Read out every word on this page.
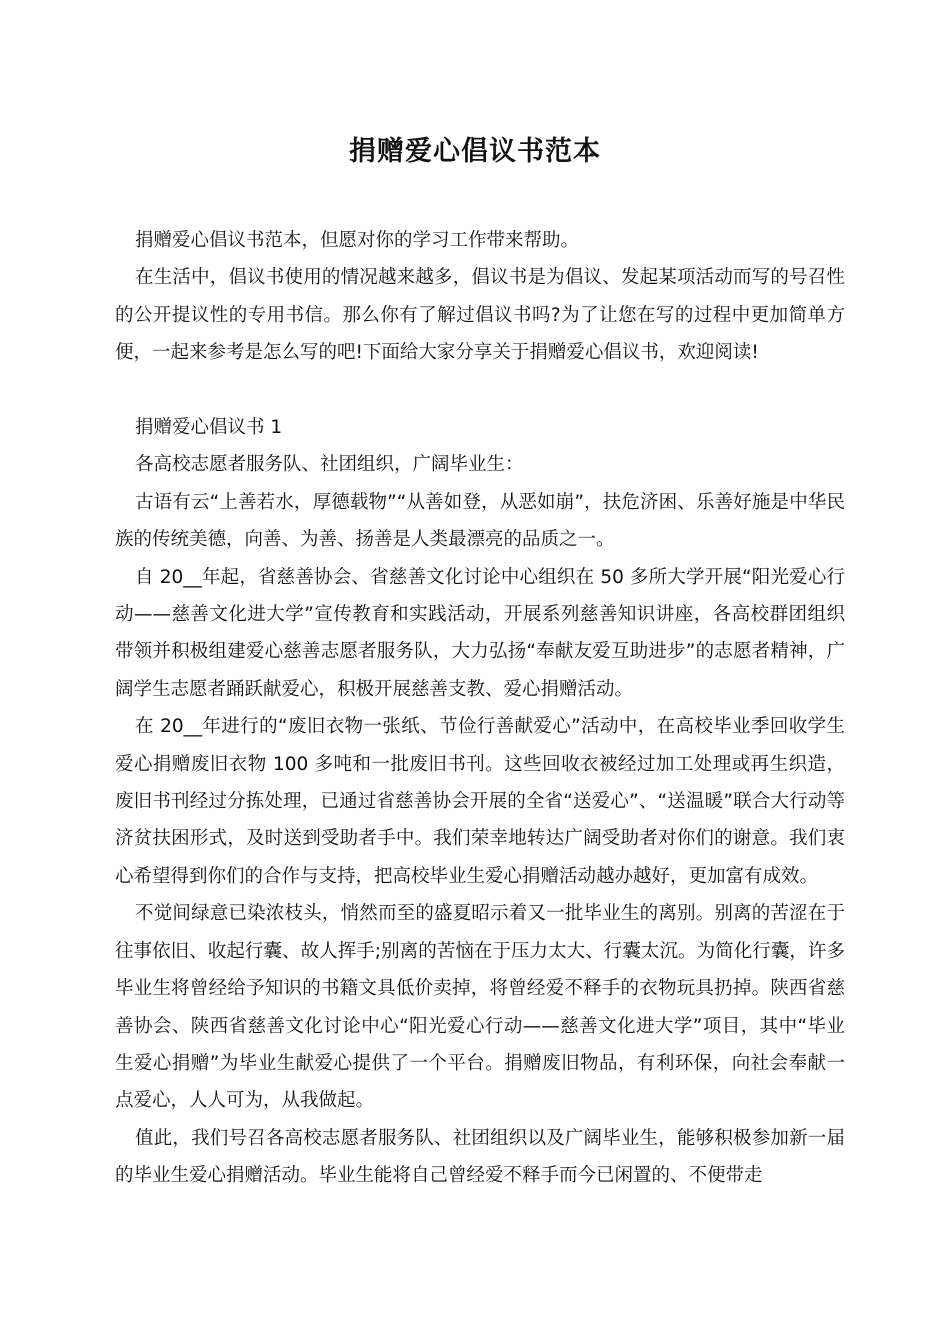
捐赠爱心倡议书范本

捐赠爱心倡议书范本，但愿对你的学习工作带来帮助。

在生活中，倡议书使用的情况越来越多，倡议书是为倡议、发起某项活动而写的号召性的公开提议性的专用书信。那么你有了解过倡议书吗?为了让您在写的过程中更加简单方便，一起来参考是怎么写的吧!下面给大家分享关于捐赠爱心倡议书，欢迎阅读!

捐赠爱心倡议书 1

各高校志愿者服务队、社团组织，广阔毕业生：

古语有云“上善若水，厚德载物”“从善如登，从恶如崩”，扶危济困、乐善好施是中华民族的传统美德，向善、为善、扬善是人类最漂亮的品质之一。

自 20__年起，省慈善协会、省慈善文化讨论中心组织在 50 多所大学开展“阳光爱心行动——慈善文化进大学”宣传教育和实践活动，开展系列慈善知识讲座，各高校群团组织带领并积极组建爱心慈善志愿者服务队，大力弘扬“奉献友爱互助进步”的志愿者精神，广阔学生志愿者踊跃献爱心，积极开展慈善支教、爱心捐赠活动。

在 20__年进行的“废旧衣物一张纸、节俭行善献爱心”活动中，在高校毕业季回收学生爱心捐赠废旧衣物 100 多吨和一批废旧书刊。这些回收衣被经过加工处理或再生织造，废旧书刊经过分拣处理，已通过省慈善协会开展的全省“送爱心”、“送温暖”联合大行动等济贫扶困形式，及时送到受助者手中。我们荣幸地转达广阔受助者对你们的谢意。我们衷心希望得到你们的合作与支持，把高校毕业生爱心捐赠活动越办越好，更加富有成效。

不觉间绿意已染浓枝头，悄然而至的盛夏昭示着又一批毕业生的离别。别离的苦涩在于往事依旧、收起行囊、故人挥手;别离的苦恼在于压力太大、行囊太沉。为简化行囊，许多毕业生将曾经给予知识的书籍文具低价卖掉，将曾经爱不释手的衣物玩具扔掉。陕西省慈善协会、陕西省慈善文化讨论中心“阳光爱心行动——慈善文化进大学”项目，其中“毕业生爱心捐赠”为毕业生献爱心提供了一个平台。捐赠废旧物品，有利环保，向社会奉献一点爱心，人人可为，从我做起。

值此，我们号召各高校志愿者服务队、社团组织以及广阔毕业生，能够积极参加新一届的毕业生爱心捐赠活动。毕业生能将自己曾经爱不释手而今已闲置的、不便带走
